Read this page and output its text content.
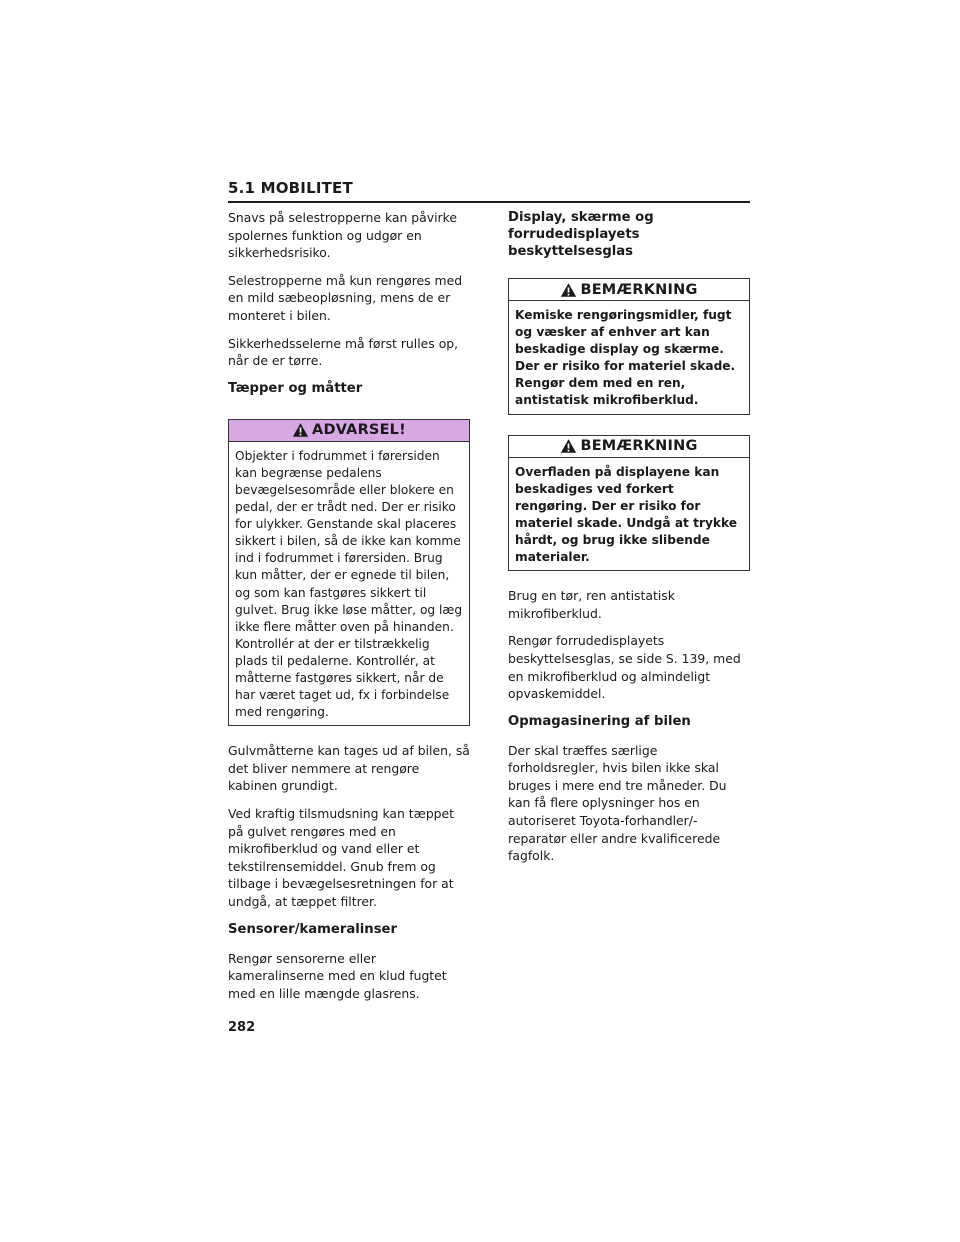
5.1 MOBILITET

Snavs på selestropperne kan påvirke spolernes funktion og udgør en sikkerhedsrisiko.

Selestropperne må kun rengøres med en mild sæbeopløsning, mens de er monteret i bilen.

Sikkerhedsselerne må først rulles op, når de er tørre.

Tæpper og måtter
ADVARSEL!

Objekter i fodrummet i førersiden kan begrænse pedalens bevægelsesområde eller blokere en pedal, der er trådt ned. Der er risiko for ulykker. Genstande skal placeres sikkert i bilen, så de ikke kan komme ind i fodrummet i førersiden. Brug kun måtter, der er egnede til bilen, og som kan fastgøres sikkert til gulvet. Brug ikke løse måtter, og læg ikke flere måtter oven på hinanden. Kontrollér at der er tilstrækkelig plads til pedalerne. Kontrollér, at måtterne fastgøres sikkert, når de har været taget ud, fx i forbindelse med rengøring.

Gulvmåtterne kan tages ud af bilen, så det bliver nemmere at rengøre kabinen grundigt.

Ved kraftig tilsmudsning kan tæppet på gulvet rengøres med en mikrofiberklud og vand eller et tekstilrensemiddel. Gnub frem og tilbage i bevægelsesretningen for at undgå, at tæppet filtrer.

Sensorer/kameralinser

Rengør sensorerne eller kameralinserne med en klud fugtet med en lille mængde glasrens.

Display, skærme og forrudedisplayets beskyttelsesglas
BEMÆRKNING

Kemiske rengøringsmidler, fugt og væsker af enhver art kan beskadige display og skærme. Der er risiko for materiel skade. Rengør dem med en ren, antistatisk mikrofiberklud.

BEMÆRKNING

Overfladen på displayene kan beskadiges ved forkert rengøring. Der er risiko for materiel skade. Undgå at trykke hårdt, og brug ikke slibende materialer.

Brug en tør, ren antistatisk mikrofiberklud.

Rengør forrudedisplayets beskyttelsesglas, se side S. 139, med en mikrofiberklud og almindeligt opvaskemiddel.

Opmagasinering af bilen

Der skal træffes særlige forholdsregler, hvis bilen ikke skal bruges i mere end tre måneder. Du kan få flere oplysninger hos en autoriseret Toyota-forhandler/-reparatør eller andre kvalificerede fagfolk.

282
